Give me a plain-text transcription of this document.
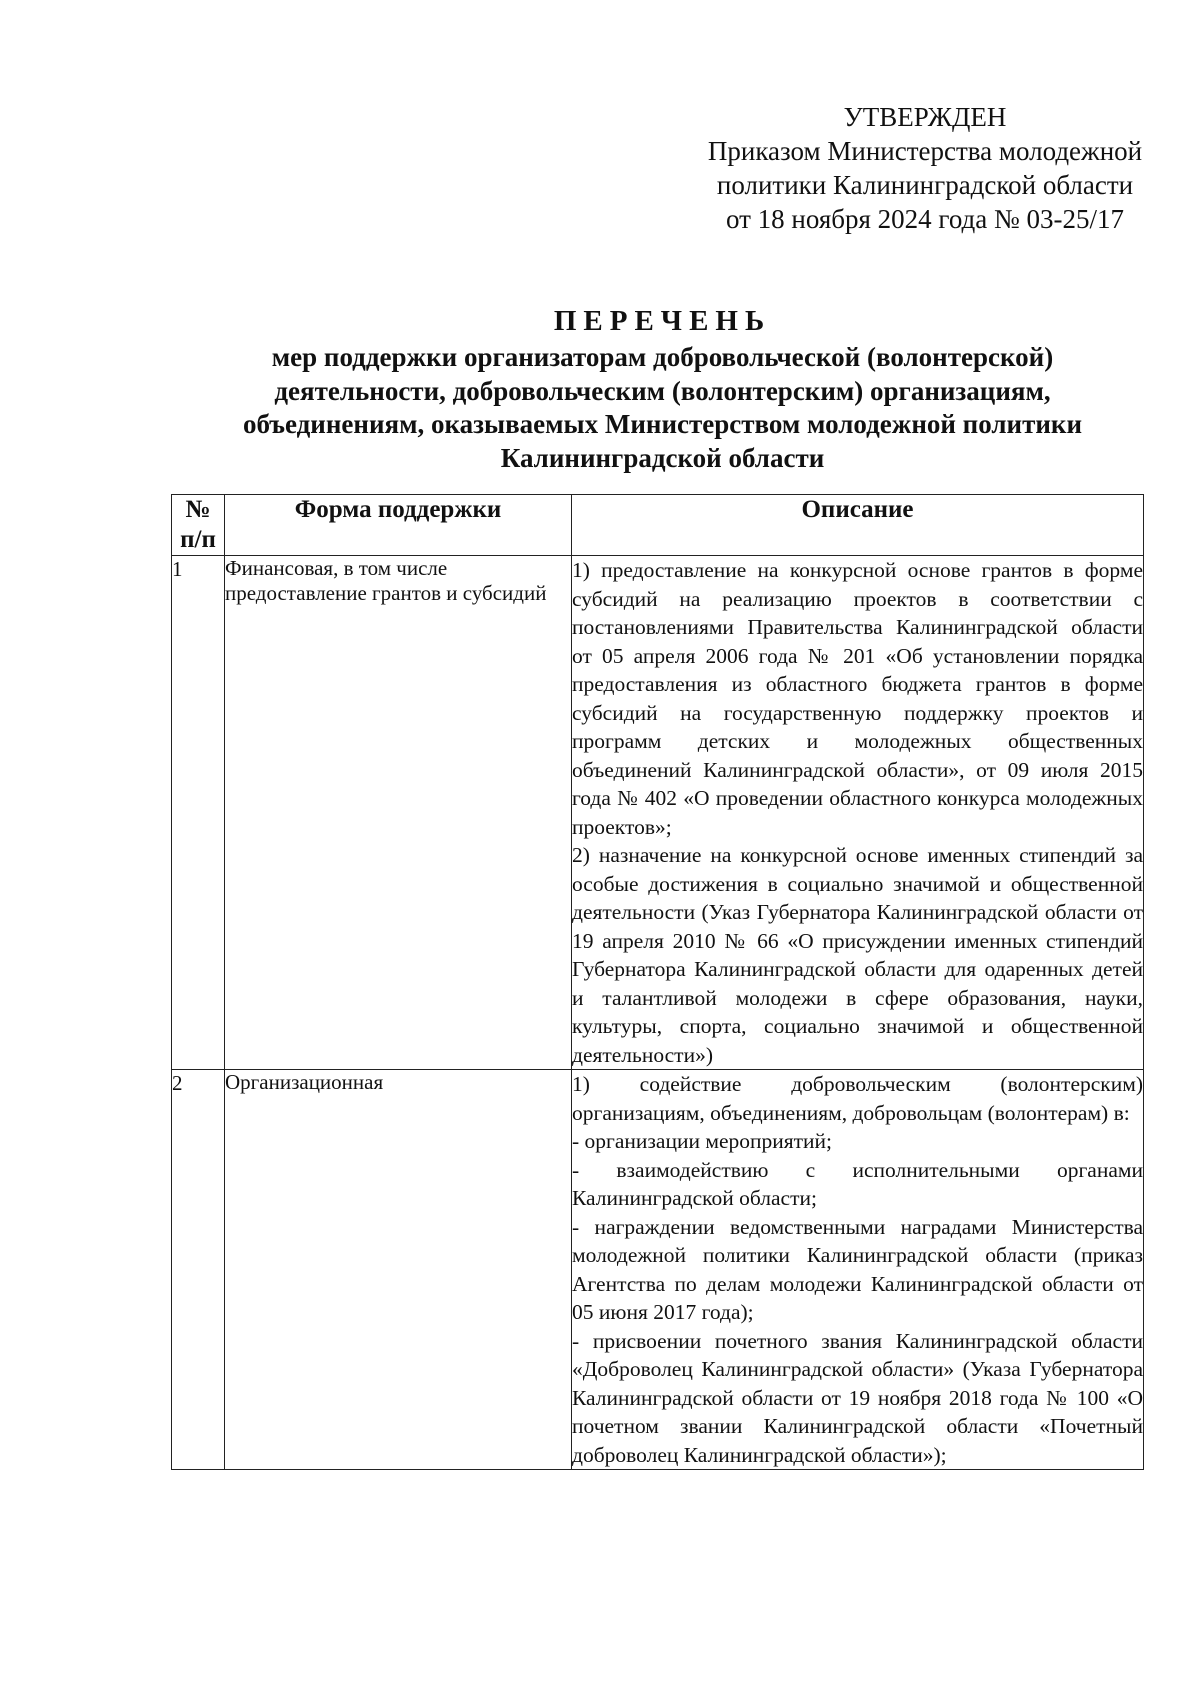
УТВЕРЖДЕН
Приказом Министерства молодежной
политики Калининградской области
от 18 ноября 2024 года № 03-25/17
ПЕРЕЧЕНЬ
мер поддержки организаторам добровольческой (волонтерской)
деятельности, добровольческим (волонтерским) организациям,
объединениям, оказываемых Министерством молодежной политики
Калининградской области
№
п/п	Форма поддержки	Описание
1	Финансовая, в том числе предоставление грантов и субсидий	1) предоставление на конкурсной основе грантов в форме субсидий на реализацию проектов в соответствии с постановлениями Правительства Калининградской области от 05 апреля 2006 года № 201 «Об установлении порядка предоставления из областного бюджета грантов в форме субсидий на государственную поддержку проектов и программ детских и молодежных общественных объединений Калининградской области», от 09 июля 2015 года № 402 «О проведении областного конкурса молодежных проектов»;

2) назначение на конкурсной основе именных стипендий за особые достижения в социально значимой и общественной деятельности (Указ Губернатора Калининградской области от 19 апреля 2010 № 66 «О присуждении именных стипендий Губернатора Калининградской области для одаренных детей и талантливой молодежи в сфере образования, науки, культуры, спорта, социально значимой и общественной деятельности»)

2	Организационная	1) содействие добровольческим (волонтерским) организациям, объединениям, добровольцам (волонтерам) в:

- организации мероприятий;

- взаимодействию с исполнительными органами Калининградской области;

- награждении ведомственными наградами Министерства молодежной политики Калининградской области (приказ Агентства по делам молодежи Калининградской области от 05 июня 2017 года);

- присвоении почетного звания Калининградской области «Доброволец Калининградской области» (Указа Губернатора Калининградской области от 19 ноября 2018 года № 100 «О почетном звании Калининградской области «Почетный доброволец Калининградской области»);
